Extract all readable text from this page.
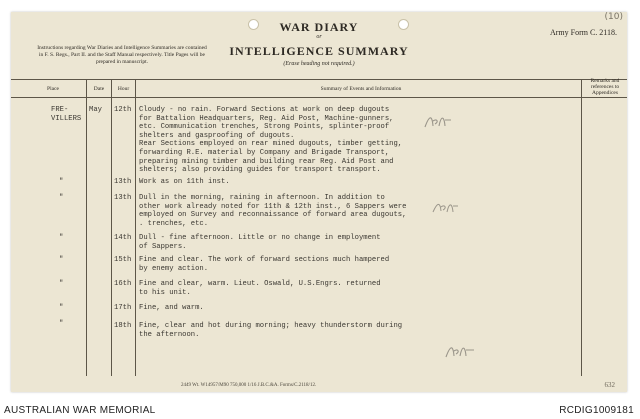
(10)
Army Form C. 2118.
Instructions regarding War Diaries and Intelligence Summaries are contained in F. S. Regs., Part II. and the Staff Manual respectively. Title Pages will be prepared in manuscript.
WAR DIARY
or
INTELLIGENCE SUMMARY
(Erase heading not required.)
Place	Date	Hour	Summary of Events and Information
Remarks and references to Appendices
FRE-
VILLERS
May 12th Cloudy - no rain. Forward Sections at work on deep dugouts
for Battalion Headquarters, Reg. Aid Post, Machine-gunners,
etc. Communication trenches, Strong Points, splinter-proof
shelters and gasproofing of dugouts.
Rear Sections employed on rear mined dugouts, timber getting,
forwarding R.E. material by Company and Brigade Transport,
preparing mining timber and building rear Reg. Aid Post and
shelters; also providing guides for transport transport.
"	13th Work as on 11th inst.
"	13th Dull in the morning, raining in afternoon. In addition to
other work already noted for 11th & 12th inst., 6 Sappers were
employed on Survey and reconnaissance of forward area dugouts,
. trenches, etc.
"	14th Dull - fine afternoon. Little or no change in employment
of Sappers.
"	15th Fine and clear. The work of forward sections much hampered
by enemy action.
"	16th Fine and clear, warm. Lieut. Oswald, U.S.Engrs. returned
to his unit.
"	17th Fine, and warm.
"	18th Fine, clear and hot during morning; heavy thunderstorm during
the afternoon.
2449 Wt. W14957/M90 750,000 1/16 J.B.C.&A. Forms/C.2118/12.	632
AUSTRALIAN WAR MEMORIAL	RCDIG1009181
